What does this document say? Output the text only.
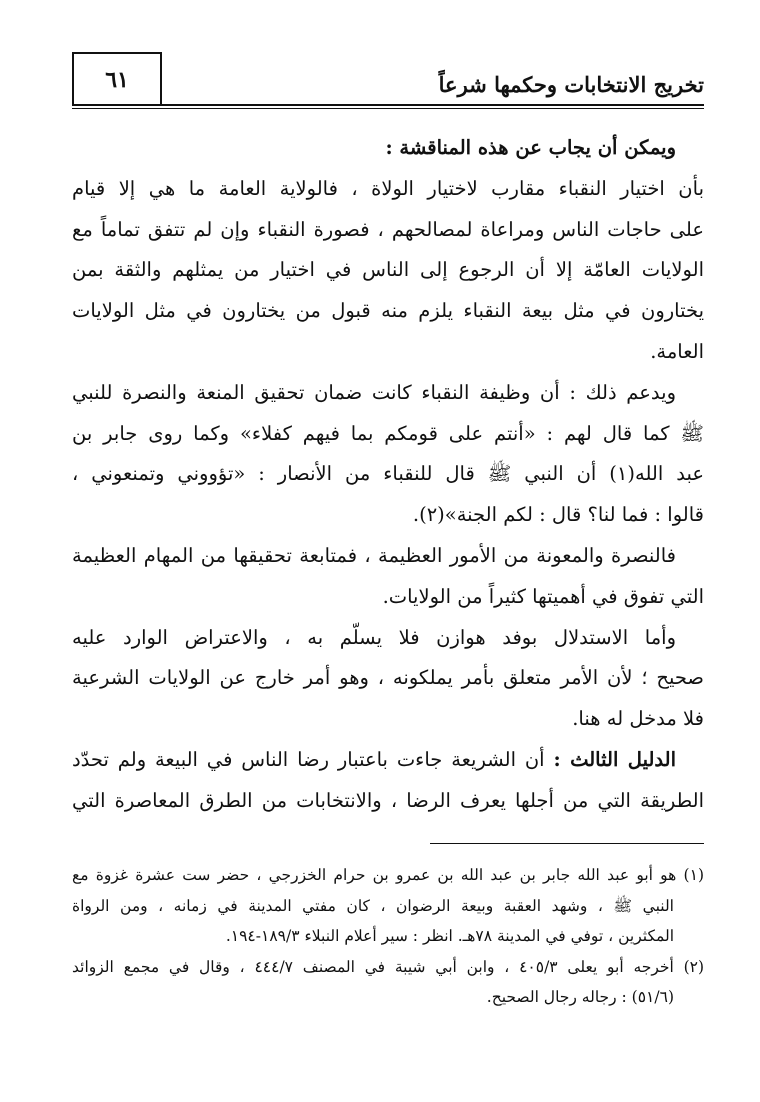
تخريج الانتخابات وحكمها شرعاً
٦١

ويمكن أن يجاب عن هذه المناقشة :

بأن اختيار النقباء مقارب لاختيار الولاة ، فالولاية العامة ما هي إلا قيام
على حاجات الناس ومراعاة لمصالحهم ، فصورة النقباء وإن لم تتفق تماماً مع
الولايات العامّة إلا أن الرجوع إلى الناس في اختيار من يمثلهم والثقة بمن
يختارون في مثل بيعة النقباء يلزم منه قبول من يختارون في مثل الولايات العامة.
ويدعم ذلك : أن وظيفة النقباء كانت ضمان تحقيق المنعة والنصرة للنبي
ﷺ كما قال لهم : «أنتم على قومكم بما فيهم كفلاء» وكما روى جابر بن
عبد الله(١) أن النبي ﷺ قال للنقباء من الأنصار : «تؤووني وتمنعوني ،
قالوا : فما لنا؟ قال : لكم الجنة»(٢).
فالنصرة والمعونة من الأمور العظيمة ، فمتابعة تحقيقها من المهام العظيمة
التي تفوق في أهميتها كثيراً من الولايات.
وأما الاستدلال بوفد هوازن فلا يسلّم به ، والاعتراض الوارد عليه
صحيح ؛ لأن الأمر متعلق بأمر يملكونه ، وهو أمر خارج عن الولايات الشرعية
فلا مدخل له هنا.
الدليل الثالث : أن الشريعة جاءت باعتبار رضا الناس في البيعة ولم تحدّد
الطريقة التي من أجلها يعرف الرضا ، والانتخابات من الطرق المعاصرة التي
(١) هو أبو عبد الله جابر بن عبد الله بن عمرو بن حرام الخزرجي ، حضر ست عشرة غزوة مع
النبي ﷺ ، وشهد العقبة وبيعة الرضوان ، كان مفتي المدينة في زمانه ، ومن الرواة
المكثرين ، توفي في المدينة ٧٨هـ. انظر : سير أعلام النبلاء ١٨٩/٣-١٩٤.
(٢) أخرجه أبو يعلى ٤٠٥/٣ ، وابن أبي شيبة في المصنف ٤٤٤/٧ ، وقال في مجمع الزوائد
(٥١/٦) : رجاله رجال الصحيح.
